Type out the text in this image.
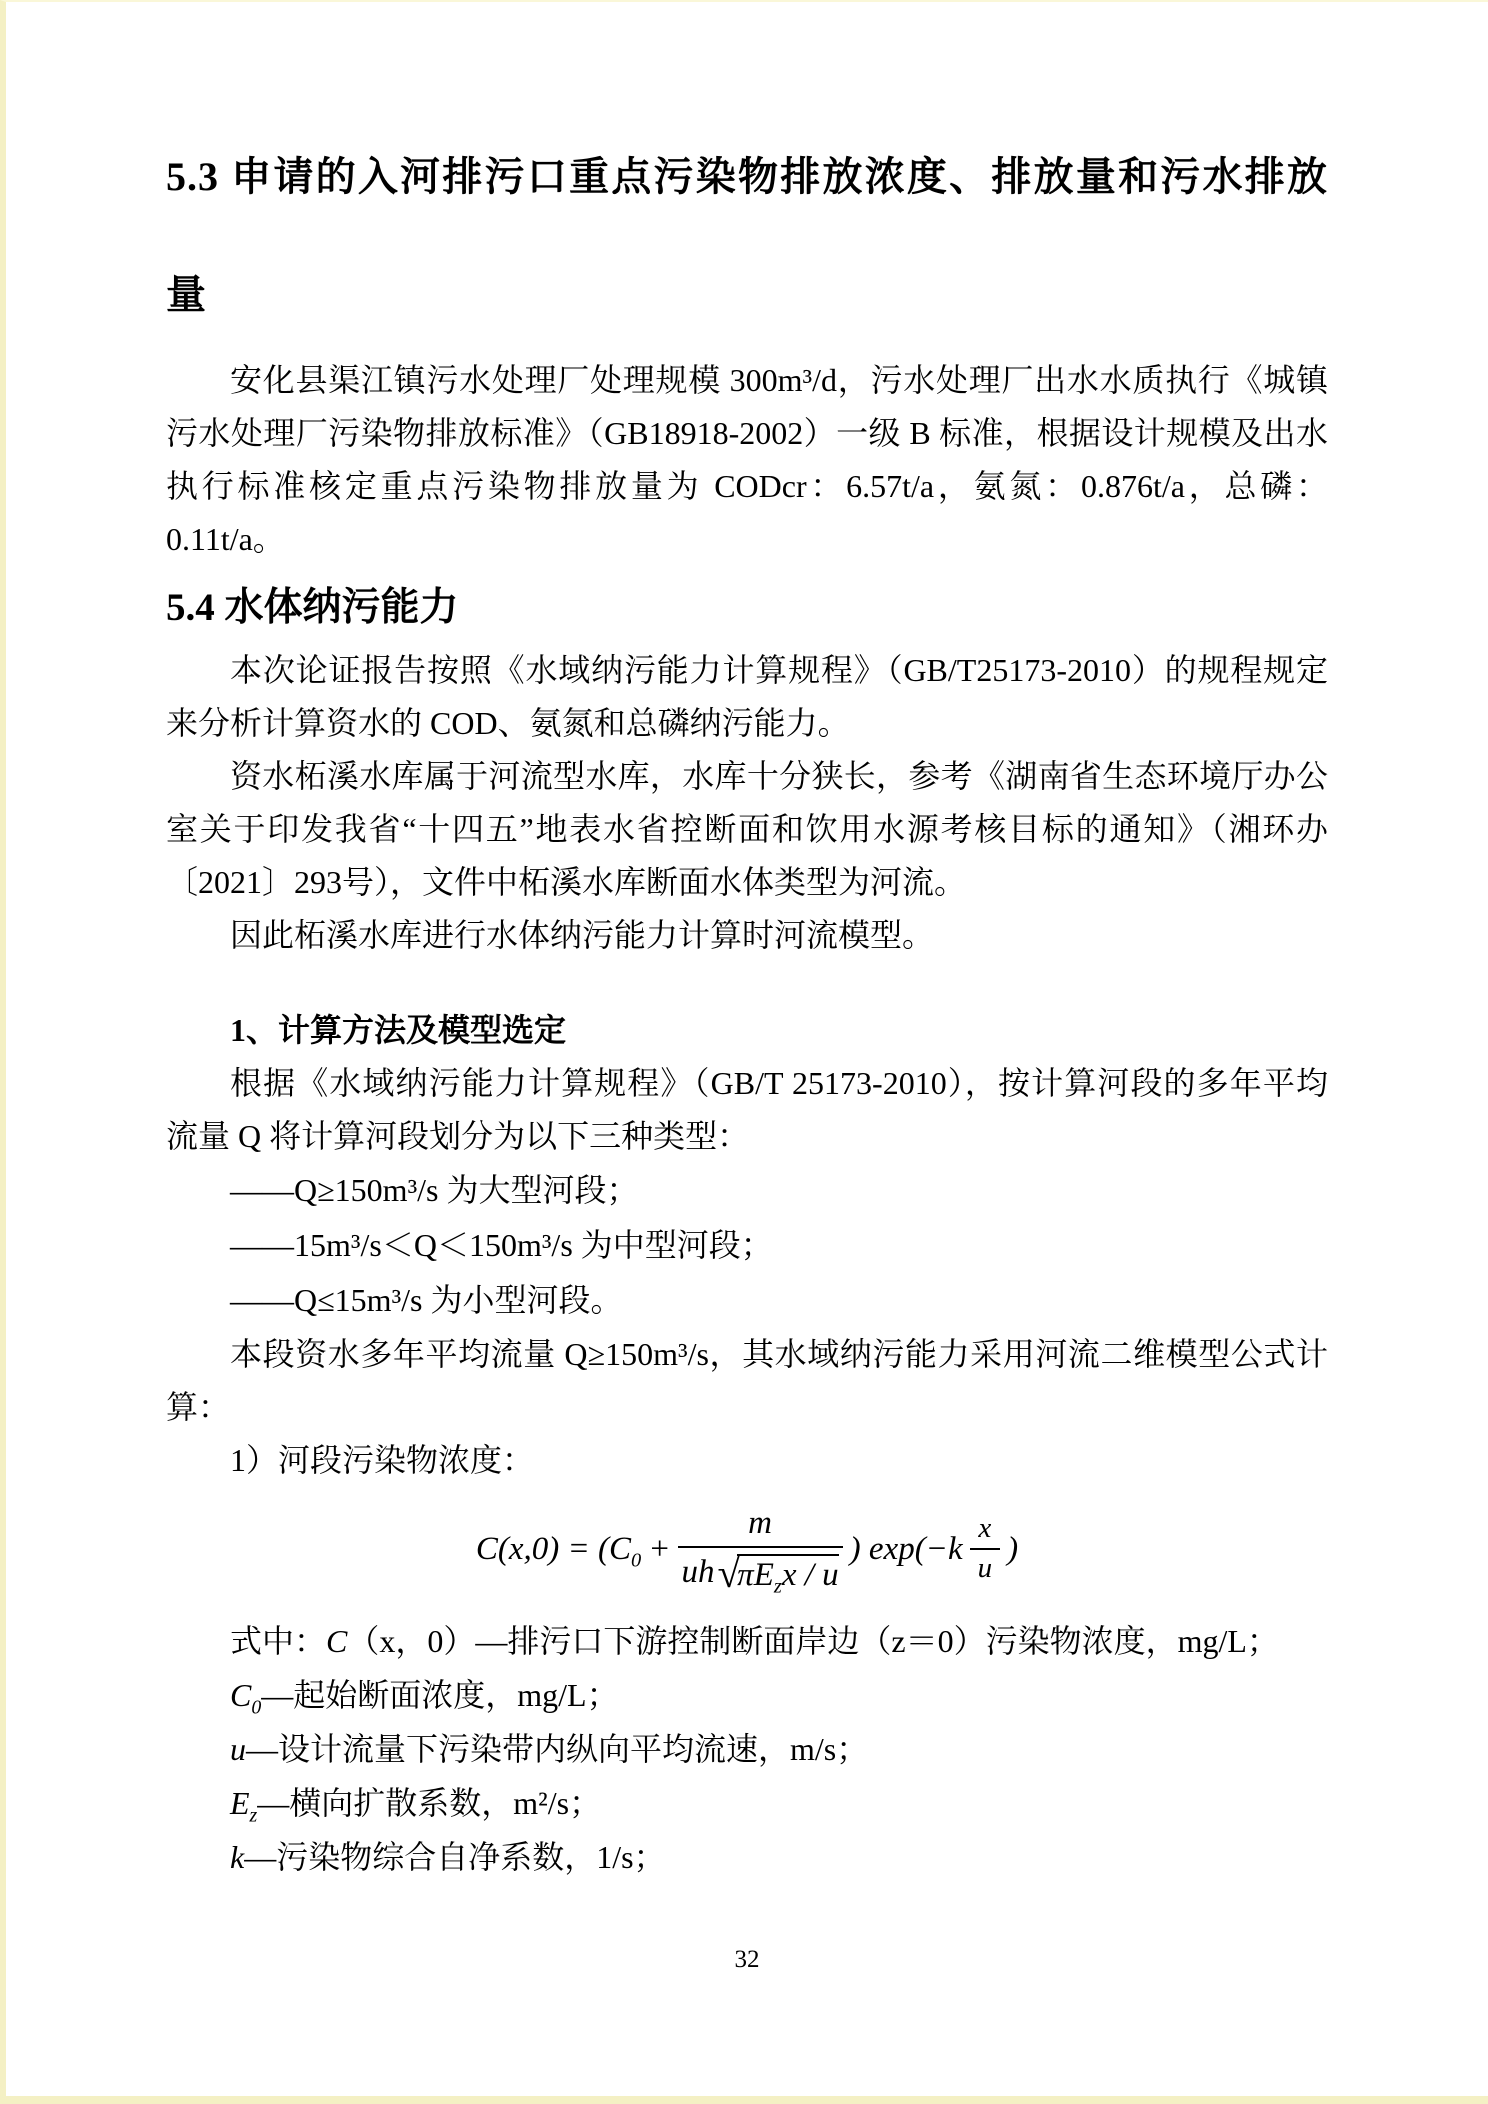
5.3 申请的入河排污口重点污染物排放浓度、排放量和污水排放
量

安化县渠江镇污水处理厂处理规模 300m³/d，污水处理厂出水水质执行《城镇污水处理厂污染物排放标准》（GB18918-2002）一级 B 标准，根据设计规模及出水执行标准核定重点污染物排放量为 CODcr：6.57t/a，氨氮：0.876t/a，总磷：0.11t/a。

5.4 水体纳污能力

本次论证报告按照《水域纳污能力计算规程》（GB/T25173-2010）的规程规定来分析计算资水的 COD、氨氮和总磷纳污能力。

资水柘溪水库属于河流型水库，水库十分狭长，参考《湖南省生态环境厅办公室关于印发我省“十四五”地表水省控断面和饮用水源考核目标的通知》（湘环办〔2021〕293号），文件中柘溪水库断面水体类型为河流。

因此柘溪水库进行水体纳污能力计算时河流模型。

1、计算方法及模型选定

根据《水域纳污能力计算规程》（GB/T 25173-2010），按计算河段的多年平均流量 Q 将计算河段划分为以下三种类型：

——Q≥150m³/s 为大型河段；

——15m³/s＜Q＜150m³/s 为中型河段；

——Q≤15m³/s 为小型河段。

本段资水多年平均流量 Q≥150m³/s，其水域纳污能力采用河流二维模型公式计算：

1）河段污染物浓度：

$C(x,0) = (C_0 + m$
uh √
$\pi E_zx$ / u ) $\exp(-k \frac{x}{u}$ )

式中：C（x，0）—排污口下游控制断面岸边（z＝0）污染物浓度，mg/L；

$C_0—$起始断面浓度，mg/L；

u—设计流量下污染带内纵向平均流速，m/s；

$E_z—$横向扩散系数，m²/s；

k—污染物综合自净系数，1/s；

32
